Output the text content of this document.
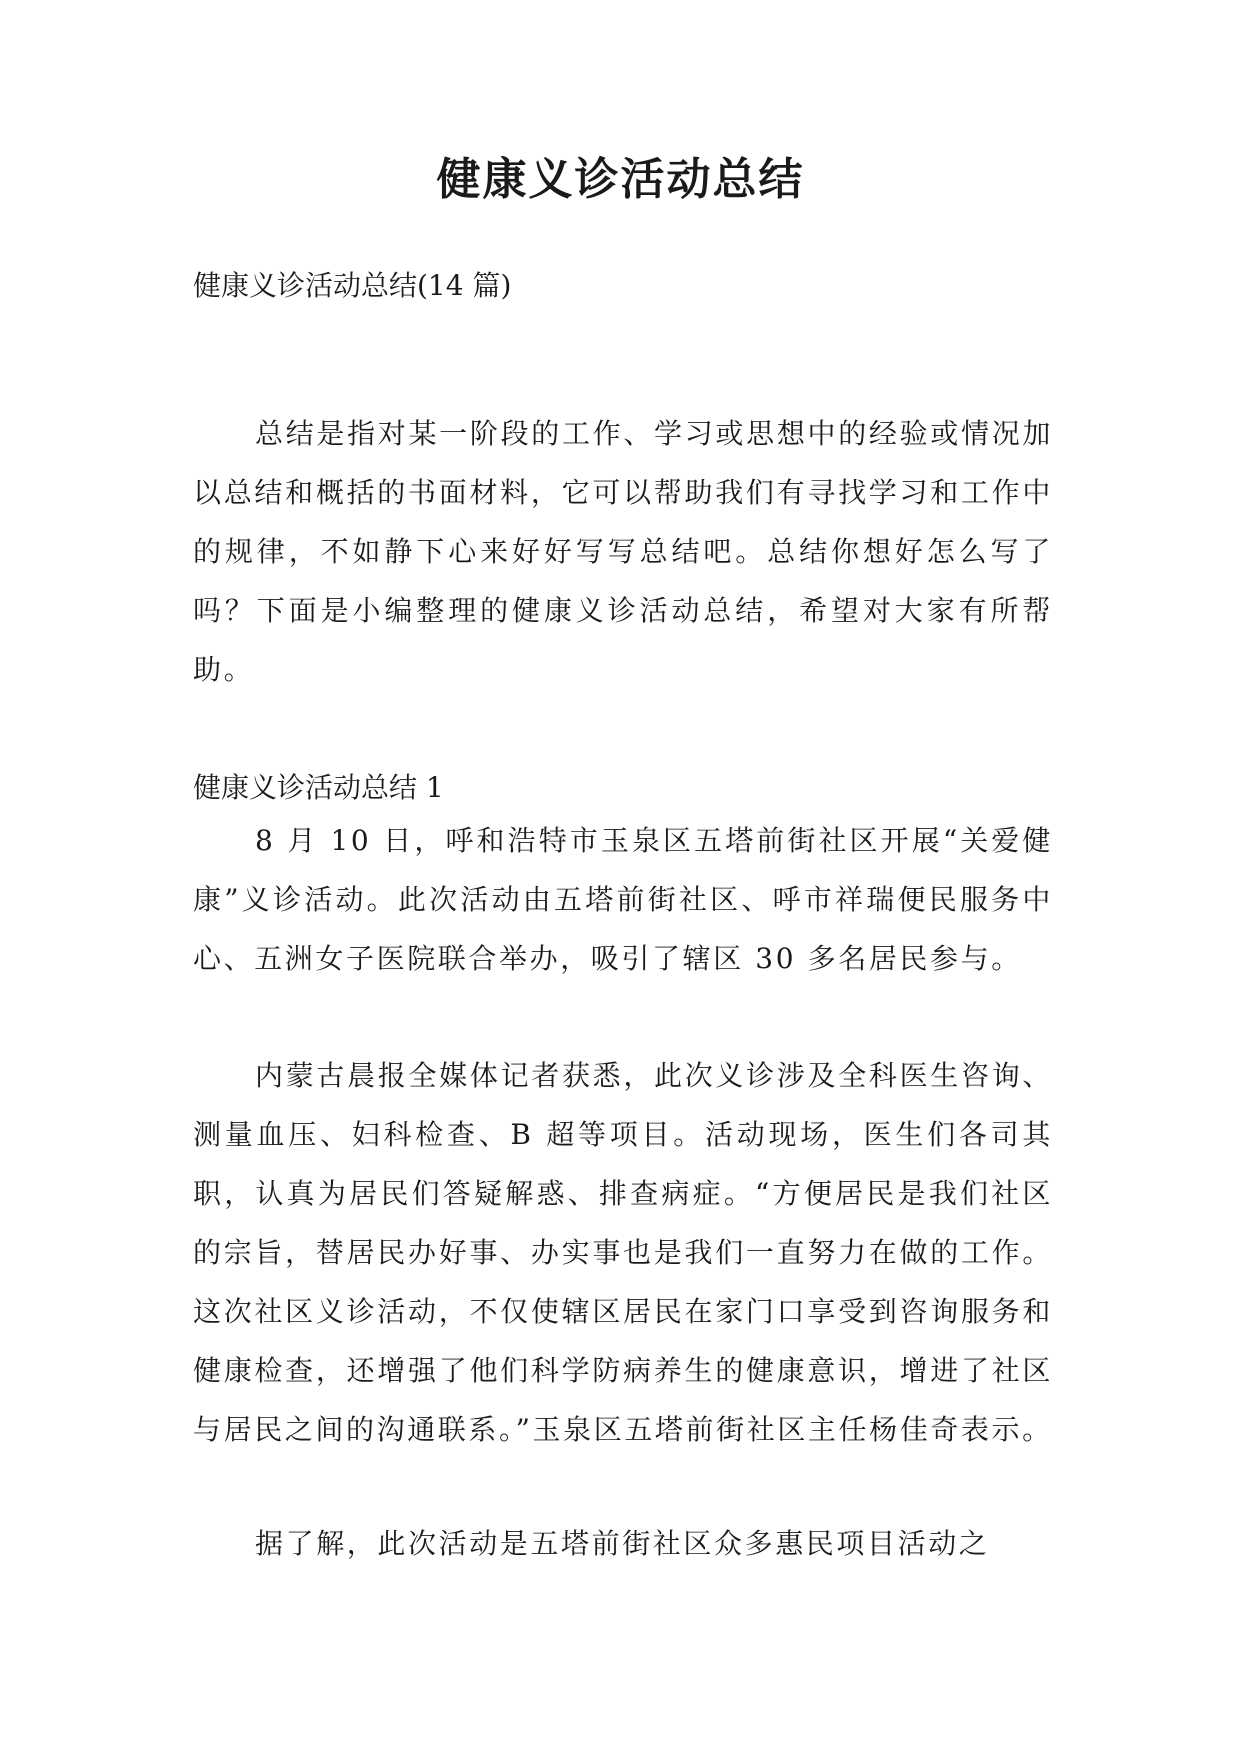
健康义诊活动总结
健康义诊活动总结(14 篇)

总结是指对某一阶段的工作、学习或思想中的经验或情况加以总结和概括的书面材料，它可以帮助我们有寻找学习和工作中的规律，不如静下心来好好写写总结吧。总结你想好怎么写了吗？下面是小编整理的健康义诊活动总结，希望对大家有所帮助。

健康义诊活动总结 1

8 月 10 日，呼和浩特市玉泉区五塔前街社区开展“关爱健康”义诊活动。此次活动由五塔前街社区、呼市祥瑞便民服务中心、五洲女子医院联合举办，吸引了辖区 30 多名居民参与。

内蒙古晨报全媒体记者获悉，此次义诊涉及全科医生咨询、测量血压、妇科检查、B 超等项目。活动现场，医生们各司其职，认真为居民们答疑解惑、排查病症。“方便居民是我们社区的宗旨，替居民办好事、办实事也是我们一直努力在做的工作。这次社区义诊活动，不仅使辖区居民在家门口享受到咨询服务和健康检查，还增强了他们科学防病养生的健康意识，增进了社区与居民之间的沟通联系。”玉泉区五塔前街社区主任杨佳奇表示。

据了解，此次活动是五塔前街社区众多惠民项目活动之
